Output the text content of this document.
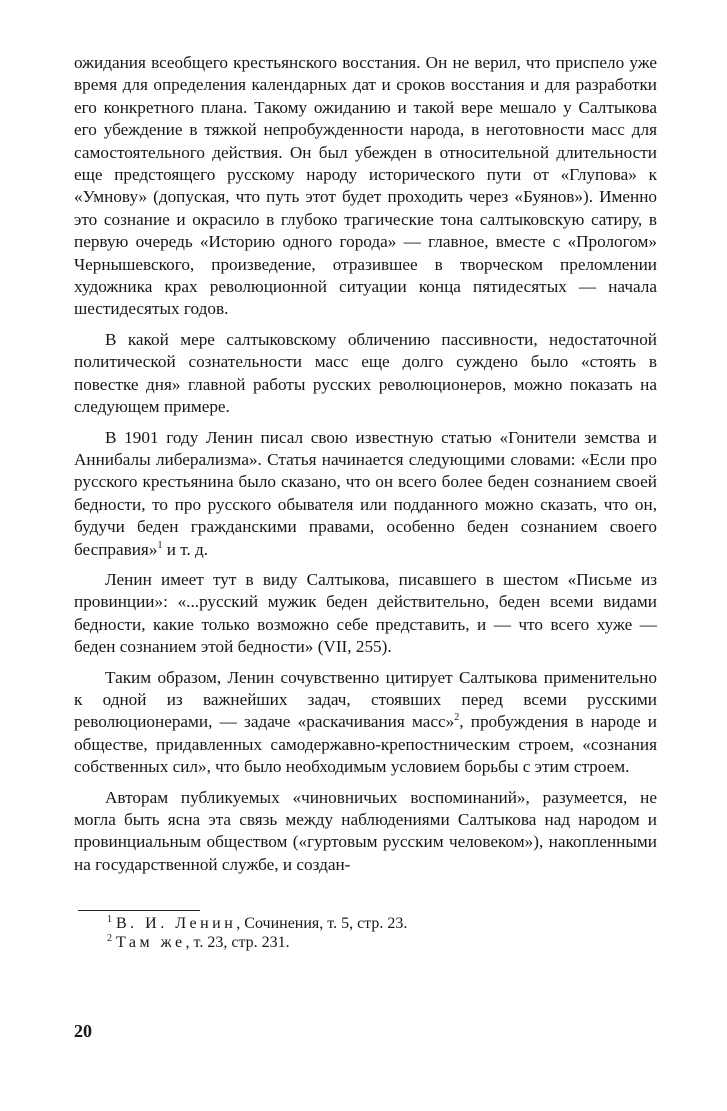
ожидания всеобщего крестьянского восстания. Он не верил, что приспело уже время для определения календарных дат и сроков восстания и для разработки его конкретного плана. Такому ожиданию и такой вере мешало у Салтыкова его убеждение в тяжкой непробужденности народа, в неготовности масс для самостоятельного действия. Он был убежден в относительной длительности еще предстоящего русскому народу исторического пути от «Глупова» к «Умнову» (допуская, что путь этот будет проходить через «Буянов»). Именно это сознание и окрасило в глубоко трагические тона салтыковскую сатиру, в первую очередь «Историю одного города» — главное, вместе с «Прологом» Чернышевского, произведение, отразившее в творческом преломлении художника крах революционной ситуации конца пятидесятых — начала шестидесятых годов.

В какой мере салтыковскому обличению пассивности, недостаточной политической сознательности масс еще долго суждено было «стоять в повестке дня» главной работы русских революционеров, можно показать на следующем примере.

В 1901 году Ленин писал свою известную статью «Гонители земства и Аннибалы либерализма». Статья начинается следующими словами: «Если про русского крестьянина было сказано, что он всего более беден сознанием своей бедности, то про русского обывателя или подданного можно сказать, что он, будучи беден гражданскими правами, особенно беден сознанием своего бесправия»$^1$ и т. д.

Ленин имеет тут в виду Салтыкова, писавшего в шестом «Письме из провинции»: «...русский мужик беден действительно, беден всеми видами бедности, какие только возможно себе представить, и — что всего хуже — беден сознанием этой бедности» (VII, 255).

Таким образом, Ленин сочувственно цитирует Салтыкова применительно к одной из важнейших задач, стоявших перед всеми русскими революционерами, — задаче «раскачивания масс»$^2$, пробуждения в народе и обществе, придавленных самодержавно-крепостническим строем, «сознания собственных сил», что было необходимым условием борьбы с этим строем.

Авторам публикуемых «чиновничьих воспоминаний», разумеется, не могла быть ясна эта связь между наблюдениями Салтыкова над народом и провинциальным обществом («гуртовым русским человеком»), накопленными на государственной службе, и создан-

$^1$ В. И. Ленин, Сочинения, т. 5, стр. 23.
$^2$ Там же, т. 23, стр. 231.
20
